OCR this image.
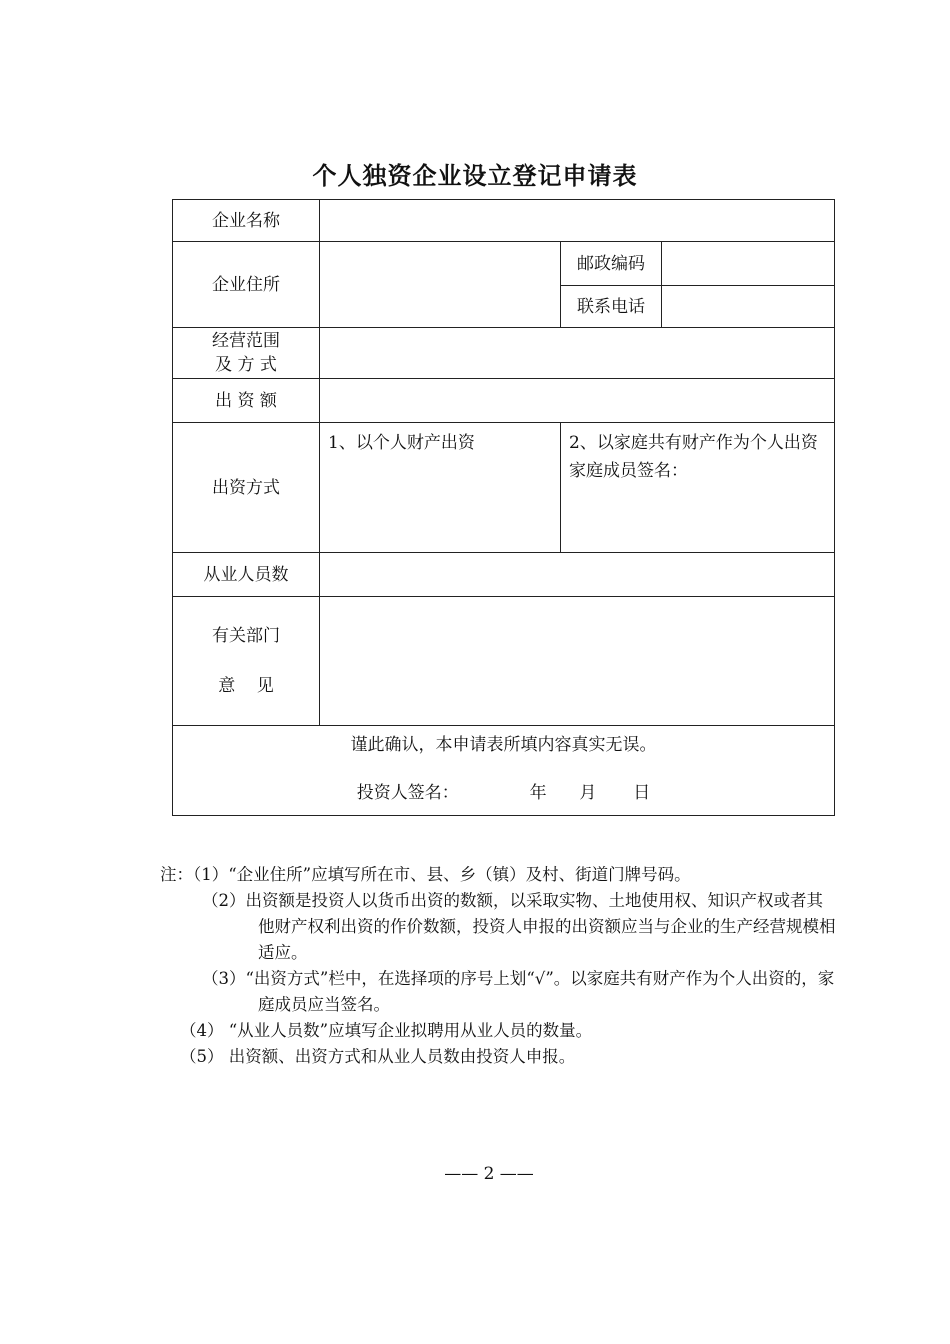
个人独资企业设立登记申请表
企业名称			
企业住所		邮政编码	
		联系电话	

经营范围
及 方 式			

出 资 额			
出资方式	1、以个人财产出资	2、以家庭共有财产作为个人出资家庭成员签名：	
从业人员数			

有关部门
意    见			

谨此确认，本申请表所填内容真实无误。
投资人签名： 年 月 日			
注：（1）“企业住所”应填写所在市、县、乡（镇）及村、街道门牌号码。
（2）出资额是投资人以货币出资的数额，以采取实物、土地使用权、知识产权或者其他财产权利出资的作价数额，投资人申报的出资额应当与企业的生产经营规模相适应。
（3）“出资方式”栏中，在选择项的序号上划“√”。以家庭共有财产作为个人出资的，家庭成员应当签名。
（4） “从业人员数”应填写企业拟聘用从业人员的数量。
（5） 出资额、出资方式和从业人员数由投资人申报。
—— 2 ——
